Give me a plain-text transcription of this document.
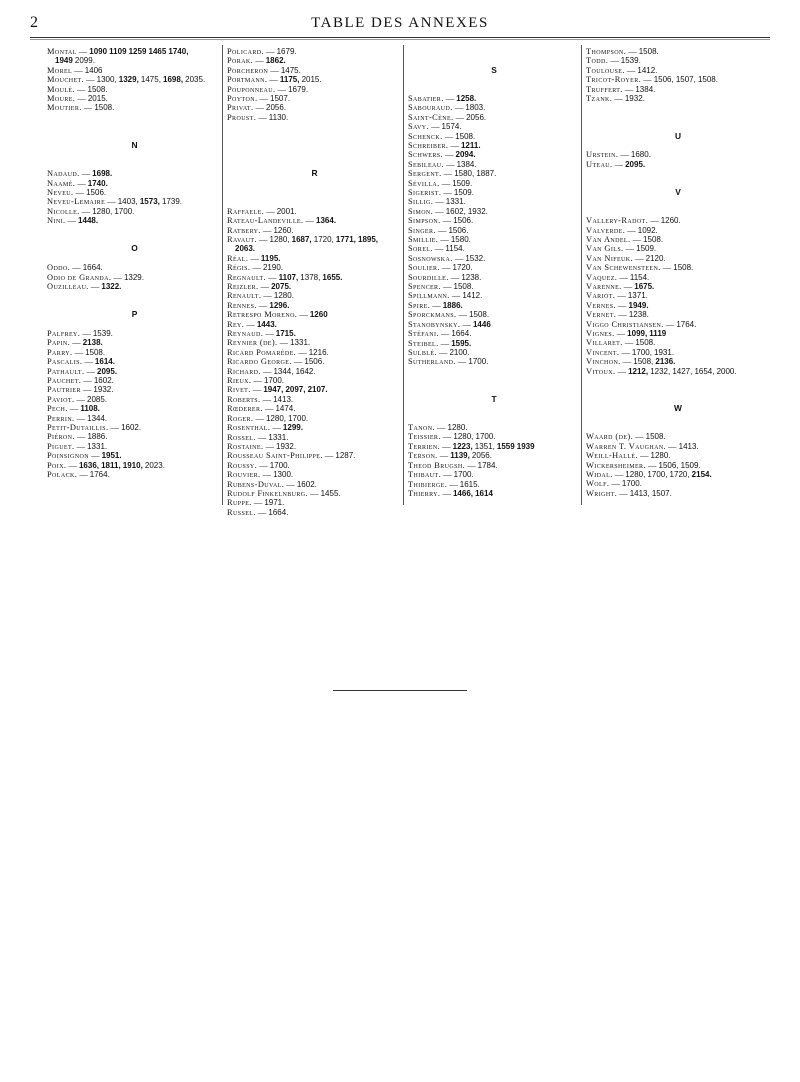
2	TABLE DES ANNEXES
Montal — 1090 1109 1259 1465 1740,
1949 2099.
Morel — 1406
Mouchet. — 1300, 1329, 1475, 1698, 2035.
Moulé. — 1508.
Moure. — 2015.
Moutier. — 1508.
N
Nadaud. — 1698.
Naamé. — 1740.
Neveu. — 1506.
Neveu-Lemaire — 1403, 1573, 1739.
Nicolle. — 1280, 1700.
Nini. — 1448.
O
Oddo. — 1664.
Odio de Granda. — 1329.
Ouzilleau. — 1322.
P
Palfrey. — 1539.
Papin. — 2138.
Parry. — 1508.
Pascalis. — 1614.
Pathault. — 2095.
Pauchet. — 1602.
Pautrier — 1932.
Paviot. — 2085.
Pech. — 1108.
Perrin. — 1344.
Petit-Dutaillis. — 1602.
Piéron. — 1886.
Piguet. — 1331.
Poinsignon — 1951.
Poix. — 1636, 1811, 1910, 2023.
Polack. — 1764.
Policard. — 1679.
Porak. — 1862.
Porcheron — 1475.
Portmann. — 1175, 2015.
Pouponneau. — 1679.
Poyton. — 1507.
Privat. — 2056.
Proust. — 1130.
R
Raffaele. — 2001.
Rateau-Landeville. — 1364.
Ratbery. — 1260.
Ravaut. — 1280, 1687, 1720, 1771, 1895,
2063.
Réal. — 1195.
Régis. — 2190.
Regnault. — 1107, 1378, 1655.
Reizler. — 2075.
Renault. — 1280.
Rennes. — 1296.
Retrespo Moreno. — 1260
Rey. — 1443.
Reynaud. — 1715.
Reynier (de). — 1331.
Ricard Pomarède. — 1216.
Ricardo George. — 1506.
Richard. — 1344, 1642.
Rieux. — 1700.
Rivet. — 1947, 2097, 2107.
Roberts. — 1413.
Rœderer. — 1474.
Roger. — 1280, 1700.
Rosenthal. — 1299.
Rossel. — 1331.
Rostaine. — 1932.
Rousseau Saint-Philippe. — 1287.
Roussy. — 1700.
Rouvier. — 1300.
Rubens-Duval. — 1602.
Rudolf Finkelnburg. — 1455.
Ruppe. — 1971.
Russel. — 1664.
S
Sabatier. — 1258.
Sabouraud. — 1803.
Saint-Cène. — 2056.
Savy. — 1574.
Schenck. — 1508.
Schreiber. — 1211.
Schwers. — 2094.
Sebileau. — 1384.
Sergent. — 1580, 1887.
Sévilla. — 1509.
Sigerist. — 1509.
Sillig. — 1331.
Simon. — 1602, 1932.
Simpson. — 1506.
Singer. — 1506.
Smillie. — 1580.
Sorel. — 1154.
Sosnowska. — 1532.
Soulier. — 1720.
Sourdille. — 1238.
Spencer. — 1508.
Spillmann. — 1412.
Spire. — 1886.
Sporckmans. — 1508.
Stanobynsky. — 1446
Stéfani. — 1664.
Steibel. — 1595.
Sulblé. — 2100.
Sutherland. — 1700.
T
Tanon. — 1280.
Teissier. — 1280, 1700.
Terrien. — 1223, 1351, 1559 1939
Terson. — 1139, 2056.
Theod Brugsh. — 1784.
Thibaut. — 1700.
Thibierge. — 1615.
Thierry. — 1466, 1614
Thompson. — 1508.
Todd. — 1539.
Toulouse. — 1412.
Tricot-Royer. — 1506, 1507, 1508.
Truffert. — 1384.
Tzank. — 1932.
U
Urstein. — 1680.
Uteau. — 2095.
V
Vallery-Radot. — 1260.
Valverde. — 1092.
Van Andel. — 1508.
Van Gils. — 1509.
Van Nifeuk. — 2120.
Van Schewensteen. — 1508.
Vaquez. — 1154.
Varenne. — 1675.
Variot. — 1371.
Vernes. — 1949.
Vernet. — 1238.
Viggo Christiansen. — 1764.
Vignes. — 1099, 1119
Villaret. — 1508.
Vincent. — 1700, 1931.
Vinchon. — 1508, 2136.
Vitoux. — 1212, 1232, 1427, 1654, 2000.
W
Waard (de). — 1508.
Warren T. Vaughan. — 1413.
Weill-Hallé. — 1280.
Wickersheimer. — 1506, 1509.
Widal. — 1280, 1700, 1720, 2154.
Wolf. — 1700.
Wright. — 1413, 1507.
